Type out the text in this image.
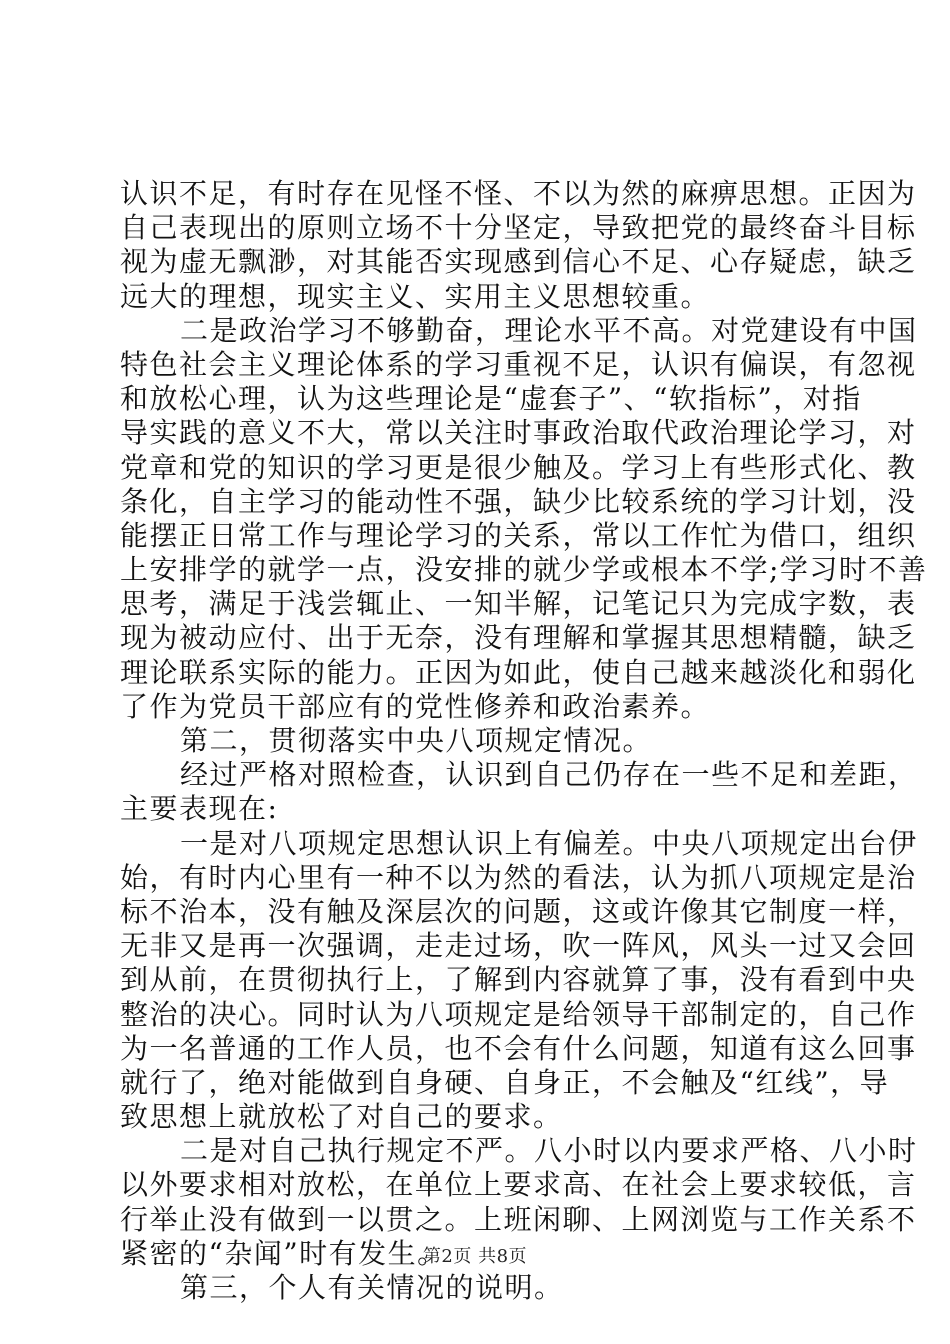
认识不足，有时存在见怪不怪、不以为然的麻痹思想。正因为

自己表现出的原则立场不十分坚定，导致把党的最终奋斗目标

视为虚无飘渺，对其能否实现感到信心不足、心存疑虑，缺乏

远大的理想，现实主义、实用主义思想较重。

二是政治学习不够勤奋，理论水平不高。对党建设有中国

特色社会主义理论体系的学习重视不足，认识有偏误，有忽视

和放松心理，认为这些理论是“虚套子”、“软指标”，对指

导实践的意义不大，常以关注时事政治取代政治理论学习，对

党章和党的知识的学习更是很少触及。学习上有些形式化、教

条化，自主学习的能动性不强，缺少比较系统的学习计划，没

能摆正日常工作与理论学习的关系，常以工作忙为借口，组织

上安排学的就学一点，没安排的就少学或根本不学;学习时不善

思考，满足于浅尝辄止、一知半解，记笔记只为完成字数，表

现为被动应付、出于无奈，没有理解和掌握其思想精髓，缺乏

理论联系实际的能力。正因为如此，使自己越来越淡化和弱化

了作为党员干部应有的党性修养和政治素养。

第二，贯彻落实中央八项规定情况。

经过严格对照检查，认识到自己仍存在一些不足和差距，

主要表现在:

一是对八项规定思想认识上有偏差。中央八项规定出台伊

始，有时内心里有一种不以为然的看法，认为抓八项规定是治

标不治本，没有触及深层次的问题，这或许像其它制度一样，

无非又是再一次强调，走走过场，吹一阵风，风头一过又会回

到从前，在贯彻执行上，了解到内容就算了事，没有看到中央

整治的决心。同时认为八项规定是给领导干部制定的，自己作

为一名普通的工作人员，也不会有什么问题，知道有这么回事

就行了，绝对能做到自身硬、自身正，不会触及“红线”，导

致思想上就放松了对自己的要求。

二是对自己执行规定不严。八小时以内要求严格、八小时

以外要求相对放松，在单位上要求高、在社会上要求较低，言

行举止没有做到一以贯之。上班闲聊、上网浏览与工作关系不

紧密的“杂闻”时有发生。

第三，个人有关情况的说明。

第2页 共8页
